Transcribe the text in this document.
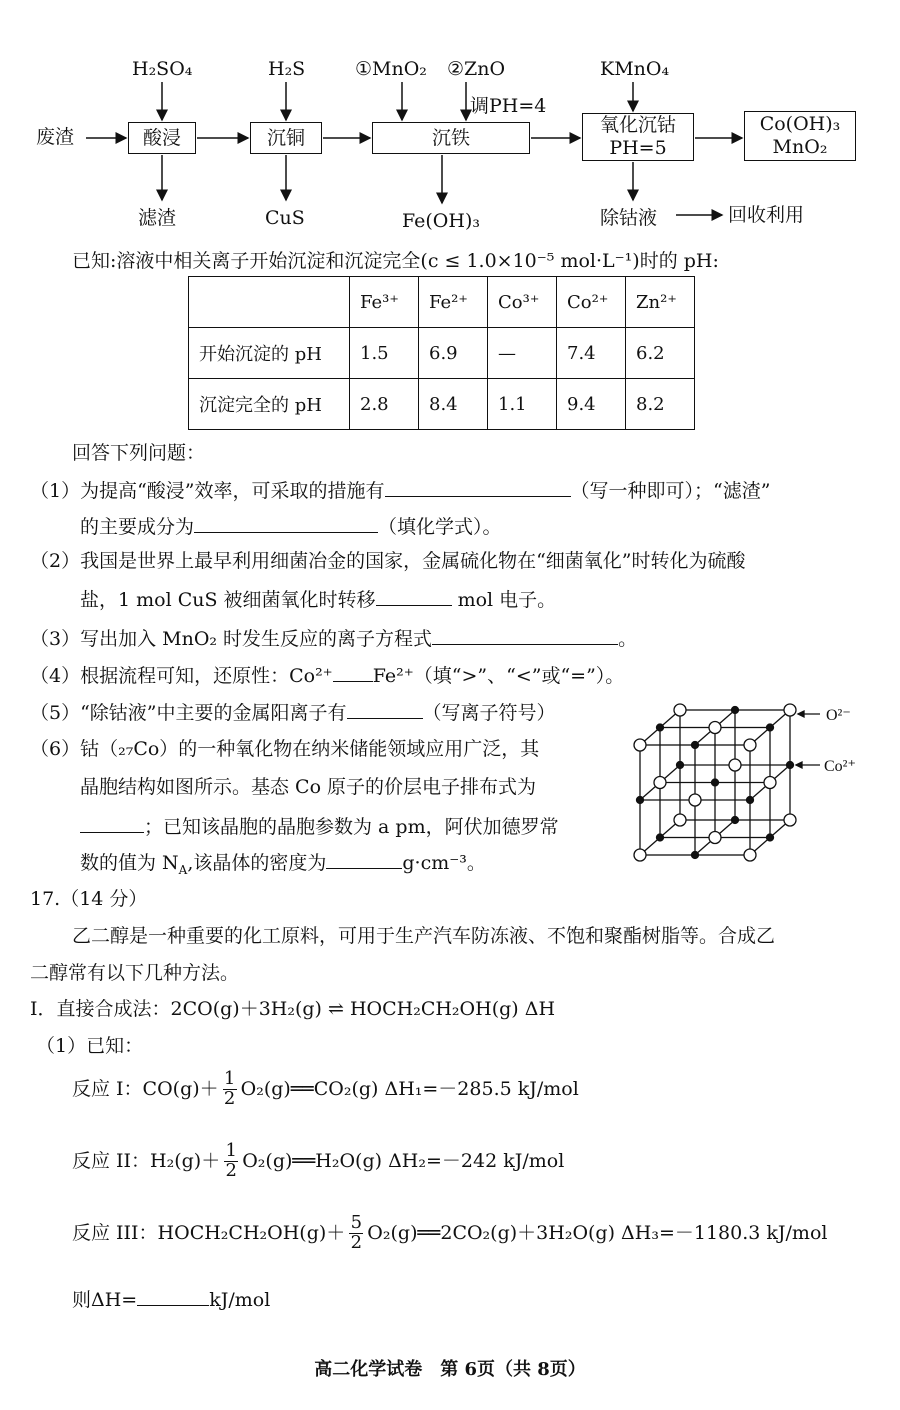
废渣
H₂SO₄
酸浸
滤渣
H₂S
沉铜
CuS
①MnO₂ ②ZnO
调PH=4
沉铁
Fe(OH)₃
KMnO₄
氧化沉钴
PH=5
除钴液	回收利用
Co(OH)₃
MnO₂
已知:溶液中相关离子开始沉淀和沉淀完全(c ≤ 1.0×10⁻⁵ mol·L⁻¹)时的 pH:
	Fe³⁺	Fe²⁺	Co³⁺	Co²⁺	Zn²⁺
开始沉淀的 pH	1.5	6.9	—	7.4	6.2
沉淀完全的 pH	2.8	8.4	1.1	9.4	8.2
回答下列问题：
（1）为提高“酸浸”效率，可采取的措施有	（写一种即可）；“滤渣”
的主要成分为	（填化学式）。
（2）我国是世界上最早利用细菌冶金的国家，金属硫化物在“细菌氧化”时转化为硫酸
盐，1 mol CuS 被细菌氧化时转移	mol 电子。
（3）写出加入 MnO₂ 时发生反应的离子方程式	。
（4）根据流程可知，还原性：Co²⁺ Fe²⁺（填“>”、“<”或“=”）。
（5）“除钴液”中主要的金属阳离子有	（写离子符号）
（6）钴（₂₇Co）的一种氧化物在纳米储能领域应用广泛，其
晶胞结构如图所示。基态 Co 原子的价层电子排布式为
；已知该晶胞的晶胞参数为 a pm，阿伏加德罗常
数的值为 $N_A$,该晶体的密度为	g·cm⁻³。
O²⁻
Co²⁺
17.（14 分）
乙二醇是一种重要的化工原料，可用于生产汽车防冻液、不饱和聚酯树脂等。合成乙
二醇常有以下几种方法。
I．直接合成法：2CO(g)＋3H₂(g) ⇌ HOCH₂CH₂OH(g) ΔH
（1）已知：
反应 I：CO(g)＋ 1
2 O₂(g)══CO₂(g) ΔH₁=－285.5 kJ/mol
反应 II：H₂(g)＋ 1
2 O₂(g)══H₂O(g) ΔH₂=－242 kJ/mol
反应 III：HOCH₂CH₂OH(g)＋ 5
2 O₂(g)══2CO₂(g)＋3H₂O(g) ΔH₃=－1180.3 kJ/mol
则ΔH=	kJ/mol
高二化学试卷　第 6页（共 8页）
